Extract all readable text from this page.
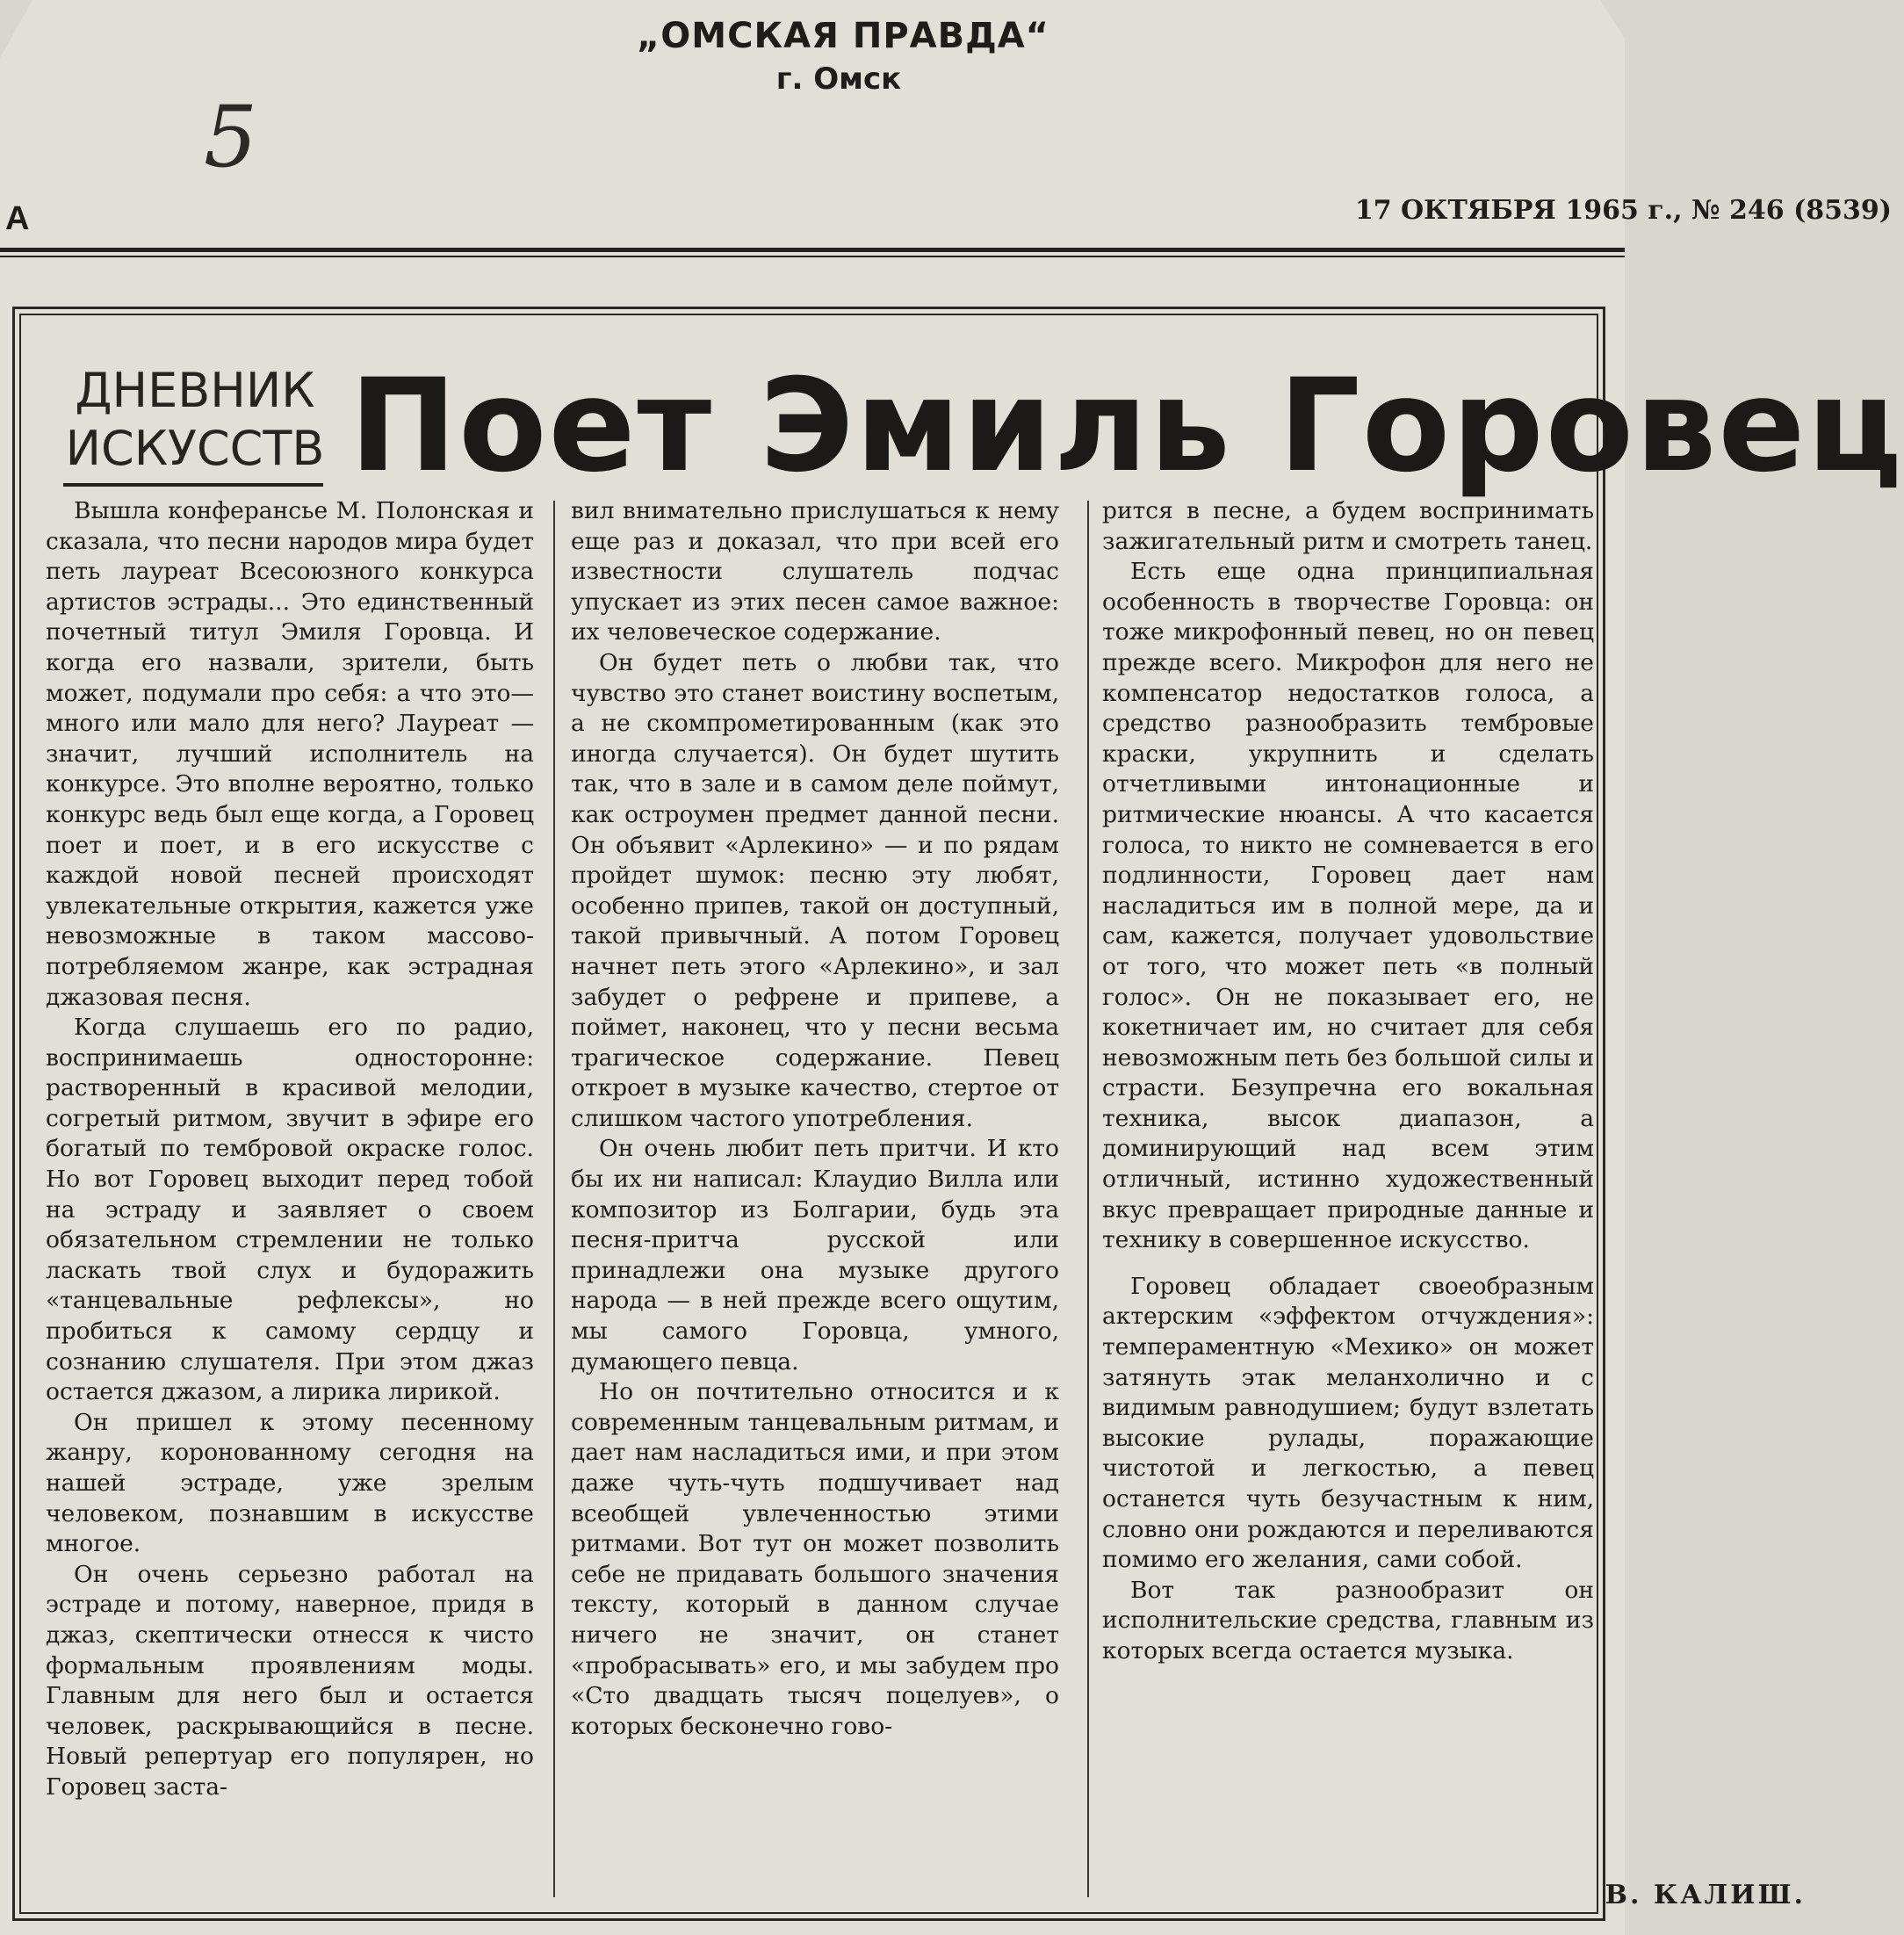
„ОМСКАЯ ПРАВДА“
г. Омск
5
А	17 ОКТЯБРЯ 1965 г., № 246 (8539)
ДНЕВНИК
ИСКУССТВ Поет Эмиль Горовец

Вышла конферансье М. Полонская и сказала, что песни народов мира будет петь лауреат Всесоюзного конкурса артистов эстрады... Это единственный почетный титул Эмиля Горовца. И когда его назвали, зрители, быть может, подумали про себя: а что это—много или мало для него? Лауреат — значит, лучший исполнитель на конкурсе. Это вполне вероятно, только конкурс ведь был еще когда, а Горовец поет и поет, и в его искусстве с каждой новой песней происходят увлекательные открытия, кажется уже невозможные в таком массово-потребляемом жанре, как эстрадная джазовая песня.

Когда слушаешь его по радио, воспринимаешь односторонне: растворенный в красивой мелодии, согретый ритмом, звучит в эфире его богатый по тембровой окраске голос. Но вот Горовец выходит перед тобой на эстраду и заявляет о своем обязательном стремлении не только ласкать твой слух и будоражить «танцевальные рефлексы», но пробиться к самому сердцу и сознанию слушателя. При этом джаз остается джазом, а лирика лирикой.

Он пришел к этому песенному жанру, коронованному сегодня на нашей эстраде, уже зрелым человеком, познавшим в искусстве многое.

Он очень серьезно работал на эстраде и потому, наверное, придя в джаз, скептически отнесся к чисто формальным проявлениям моды. Главным для него был и остается человек, раскрывающийся в песне. Новый репертуар его популярен, но Горовец заста-

вил внимательно прислушаться к нему еще раз и доказал, что при всей его известности слушатель подчас упускает из этих песен самое важное: их человеческое содержание.

Он будет петь о любви так, что чувство это станет воистину воспетым, а не скомпрометированным (как это иногда случается). Он будет шутить так, что в зале и в самом деле поймут, как остроумен предмет данной песни. Он объявит «Арлекино» — и по рядам пройдет шумок: песню эту любят, особенно припев, такой он доступный, такой привычный. А потом Горовец начнет петь этого «Арлекино», и зал забудет о рефрене и припеве, а поймет, наконец, что у песни весьма трагическое содержание. Певец откроет в музыке качество, стертое от слишком частого употребления.

Он очень любит петь притчи. И кто бы их ни написал: Клаудио Вилла или композитор из Болгарии, будь эта песня-притча русской или принадлежи она музыке другого народа — в ней прежде всего ощутим, мы самого Горовца, умного, думающего певца.

Но он почтительно относится и к современным танцевальным ритмам, и дает нам насладиться ими, и при этом даже чуть-чуть подшучивает над всеобщей увлеченностью этими ритмами. Вот тут он может позволить себе не придавать большого значения тексту, который в данном случае ничего не значит, он станет «пробрасывать» его, и мы забудем про «Сто двадцать тысяч поцелуев», о которых бесконечно гово-

рится в песне, а будем воспринимать зажигательный ритм и смотреть танец.

Есть еще одна принципиальная особенность в творчестве Горовца: он тоже микрофонный певец, но он певец прежде всего. Микрофон для него не компенсатор недостатков голоса, а средство разнообразить тембровые краски, укрупнить и сделать отчетливыми интонационные и ритмические нюансы. А что касается голоса, то никто не сомневается в его подлинности, Горовец дает нам насладиться им в полной мере, да и сам, кажется, получает удовольствие от того, что может петь «в полный голос». Он не показывает его, не кокетничает им, но считает для себя невозможным петь без большой силы и страсти. Безупречна его вокальная техника, высок диапазон, а доминирующий над всем этим отличный, истинно художественный вкус превращает природные данные и технику в совершенное искусство.

Горовец обладает своеобразным актерским «эффектом отчуждения»: темпераментную «Мехико» он может затянуть этак меланхолично и с видимым равнодушием; будут взлетать высокие рулады, поражающие чистотой и легкостью, а певец останется чуть безучастным к ним, словно они рождаются и переливаются помимо его желания, сами собой.

Вот так разнообразит он исполнительские средства, главным из которых всегда остается музыка.

В. КАЛИШ.
